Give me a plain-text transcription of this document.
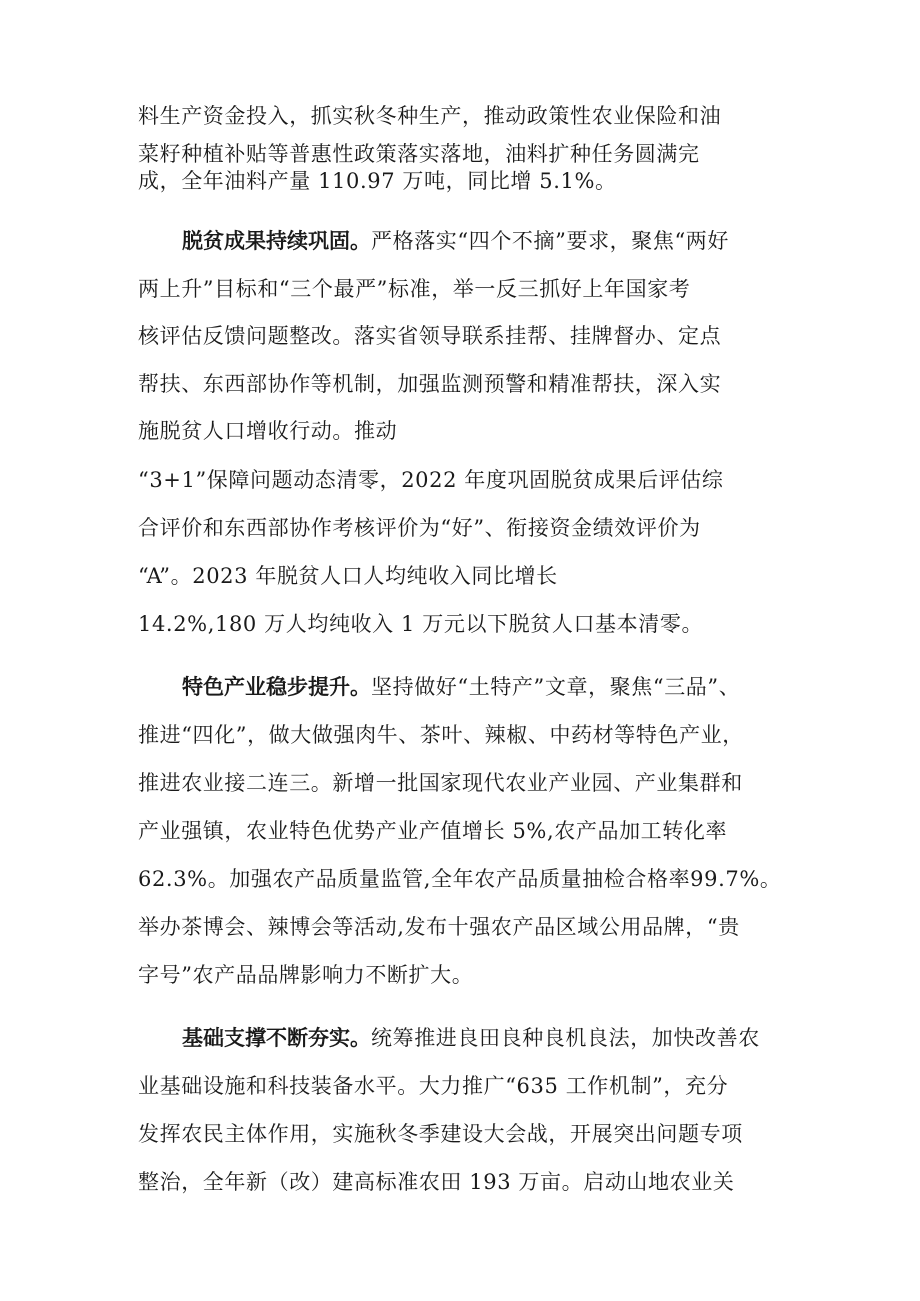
料生产资金投入，抓实秋冬种生产，推动政策性农业保险和油
菜籽种植补贴等普惠性政策落实落地，油料扩种任务圆满完
成，全年油料产量 110.97 万吨，同比增 5.1%。
脱贫成果持续巩固。严格落实“四个不摘”要求，聚焦“两好
两上升”目标和“三个最严”标准，举一反三抓好上年国家考
核评估反馈问题整改。落实省领导联系挂帮、挂牌督办、定点
帮扶、东西部协作等机制，加强监测预警和精准帮扶，深入实
施脱贫人口增收行动。推动
“3+1”保障问题动态清零，2022 年度巩固脱贫成果后评估综
合评价和东西部协作考核评价为“好”、衔接资金绩效评价为
“A”。2023 年脱贫人口人均纯收入同比增长
14.2%,180 万人均纯收入 1 万元以下脱贫人口基本清零。
特色产业稳步提升。坚持做好“土特产”文章，聚焦“三品”、
推进“四化”，做大做强肉牛、茶叶、辣椒、中药材等特色产业，
推进农业接二连三。新增一批国家现代农业产业园、产业集群和
产业强镇，农业特色优势产业产值增长 5%,农产品加工转化率
62.3%。加强农产品质量监管,全年农产品质量抽检合格率99.7%。
举办茶博会、辣博会等活动,发布十强农产品区域公用品牌，“贵
字号”农产品品牌影响力不断扩大。
基础支撑不断夯实。统筹推进良田良种良机良法，加快改善农
业基础设施和科技装备水平。大力推广“635 工作机制”，充分
发挥农民主体作用，实施秋冬季建设大会战，开展突出问题专项
整治，全年新（改）建高标准农田 193 万亩。启动山地农业关
